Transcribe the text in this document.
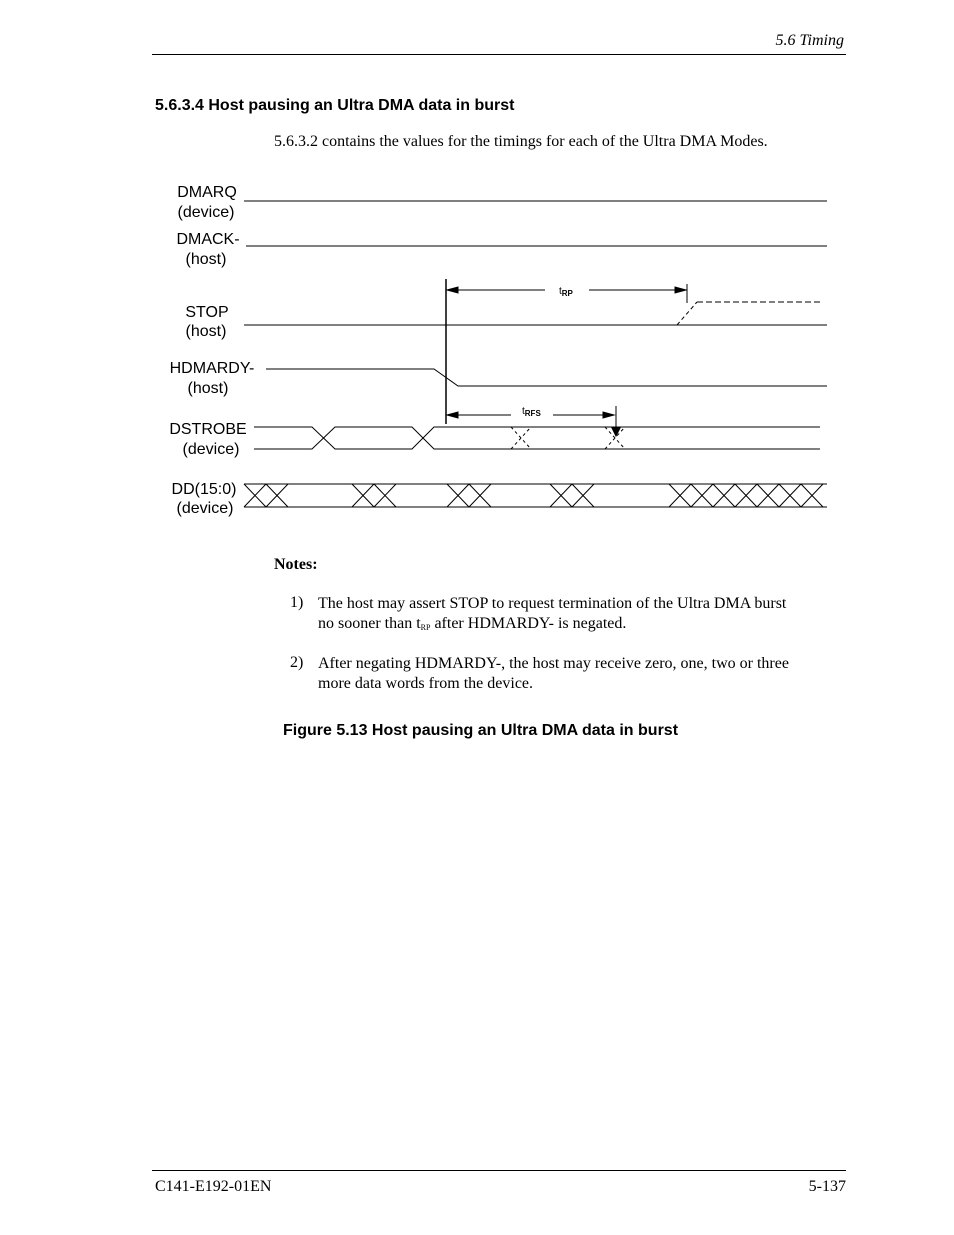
5.6 Timing
5.6.3.4 Host pausing an Ultra DMA data in burst
5.6.3.2 contains the values for the timings for each of the Ultra DMA Modes.
DMARQ
(device)
DMACK-
(host)
STOP
(host)
HDMARDY-
(host)
DSTROBE
(device)
DD(15:0)
(device)
$t_{RP}$
$t_{RFS}$
Notes:
1) The host may assert STOP to request termination of the Ultra DMA burst
no sooner than $t_{RP}$ after HDMARDY- is negated.
2) After negating HDMARDY-, the host may receive zero, one, two or three
more data words from the device.
Figure 5.13 Host pausing an Ultra DMA data in burst
C141-E192-01EN	5-137
